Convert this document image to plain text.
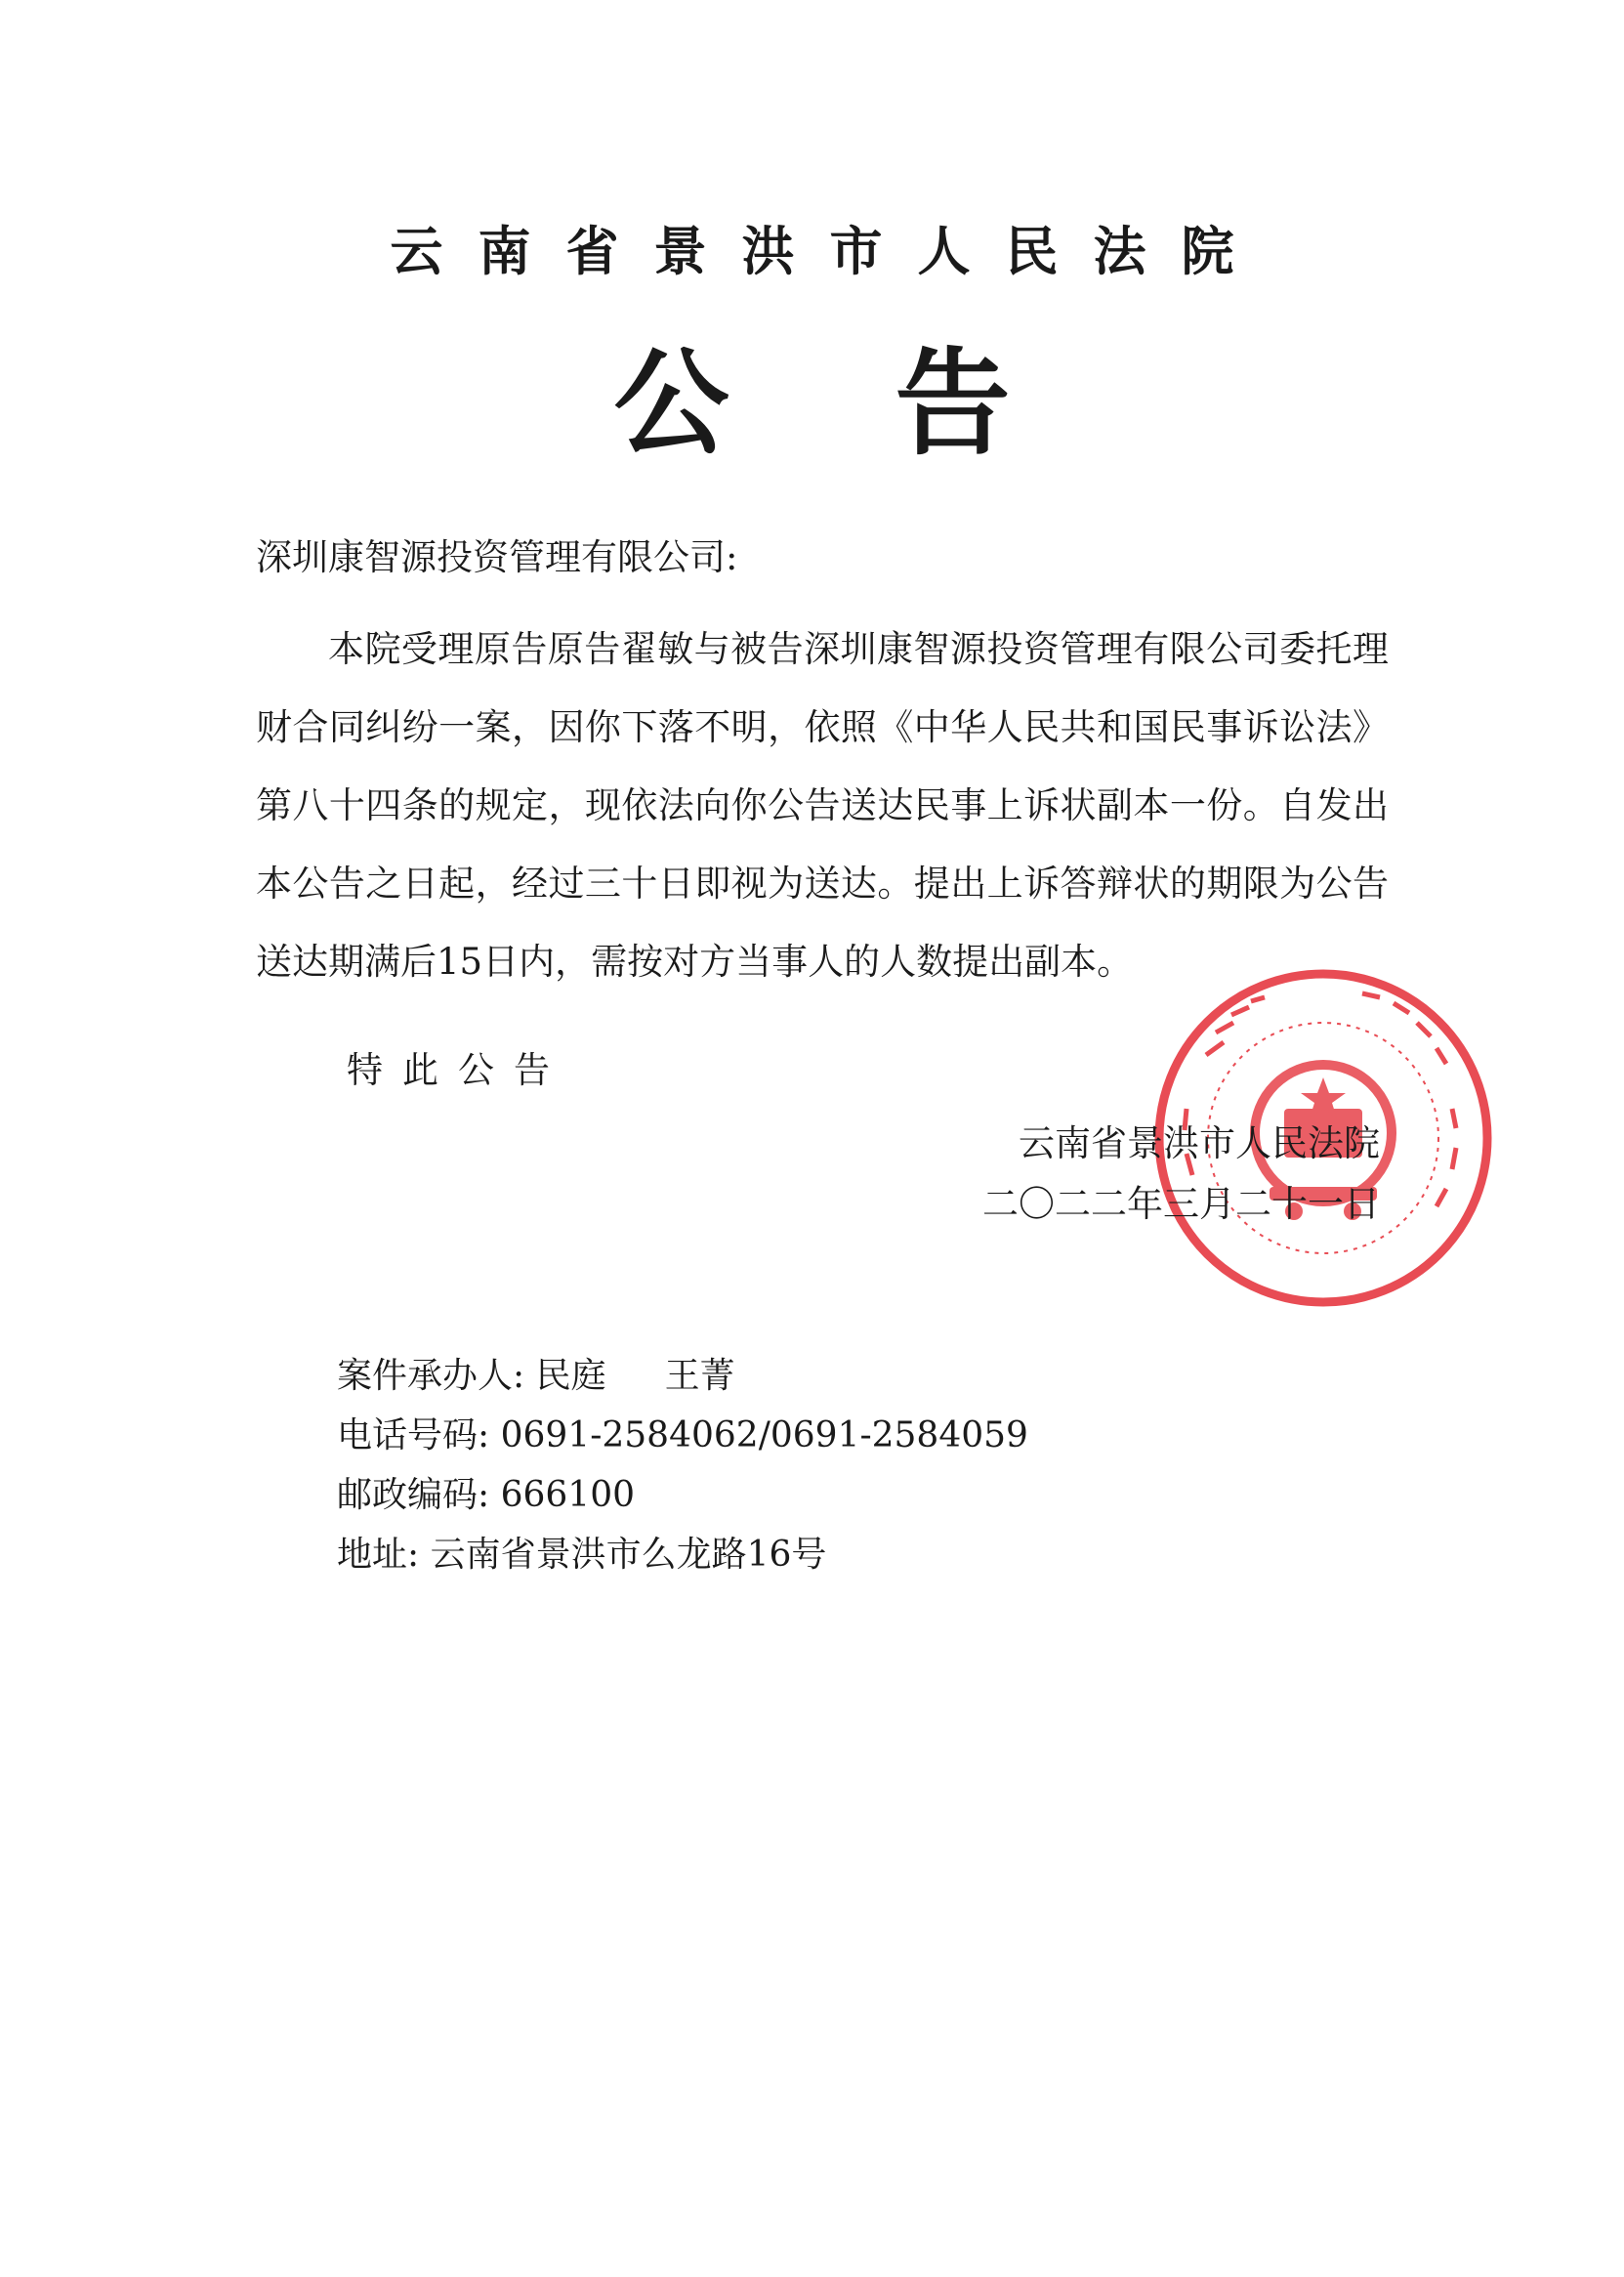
云南省景洪市人民法院
公告
深圳康智源投资管理有限公司:

本院受理原告原告翟敏与被告深圳康智源投资管理有限公司委托理财合同纠纷一案，因你下落不明，依照《中华人民共和国民事诉讼法》第八十四条的规定，现依法向你公告送达民事上诉状副本一份。自发出本公告之日起，经过三十日即视为送达。提出上诉答辩状的期限为公告送达期满后15日内，需按对方当事人的人数提出副本。

特此公告
云南省景洪市人民法院
二〇二二年三月二十一日
案件承办人: 民庭 王菁
电话号码: 0691-2584062/0691-2584059
邮政编码: 666100
地址: 云南省景洪市么龙路16号
